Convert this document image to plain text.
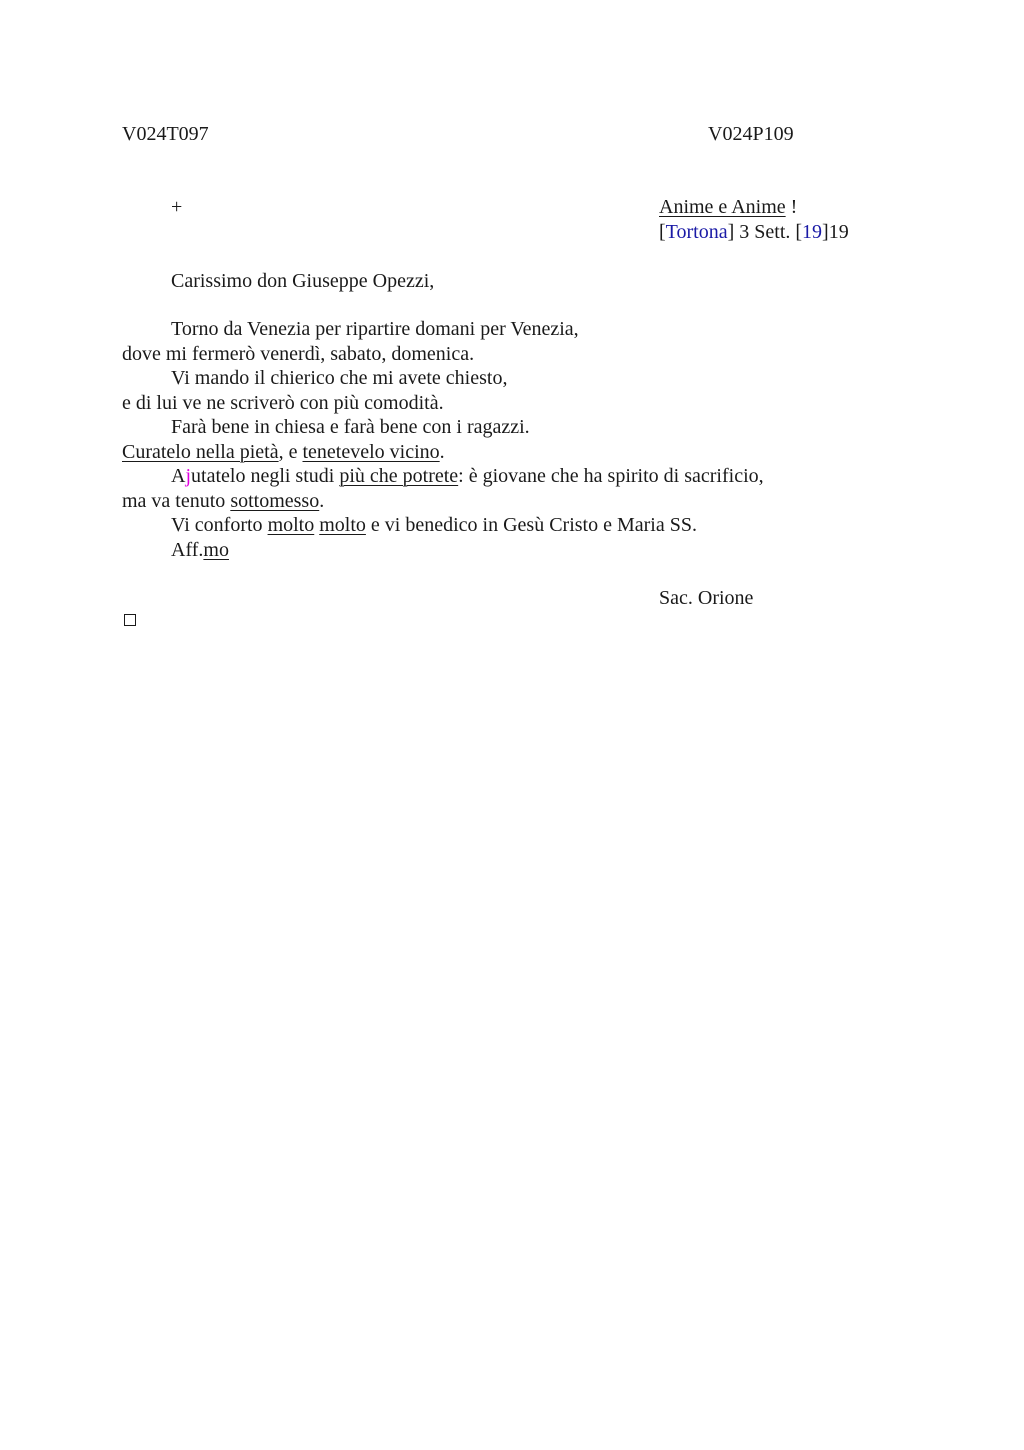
V024T097	V024P109
+	Anime e Anime !
[Tortona] 3 Sett. [19]19
Carissimo don Giuseppe Opezzi,
Torno da Venezia per ripartire domani per Venezia,
dove mi fermerò venerdì, sabato, domenica.
Vi mando il chierico che mi avete chiesto,
e di lui ve ne scriverò con più comodità.
Farà bene in chiesa e farà bene con i ragazzi.
Curatelo nella pietà, e tenetevelo vicino.
Ajutatelo negli studi più che potrete: è giovane che ha spirito di sacrificio,
ma va tenuto sottomesso.
Vi conforto molto molto e vi benedico in Gesù Cristo e Maria SS.
Aff.mo
Sac. Orione
